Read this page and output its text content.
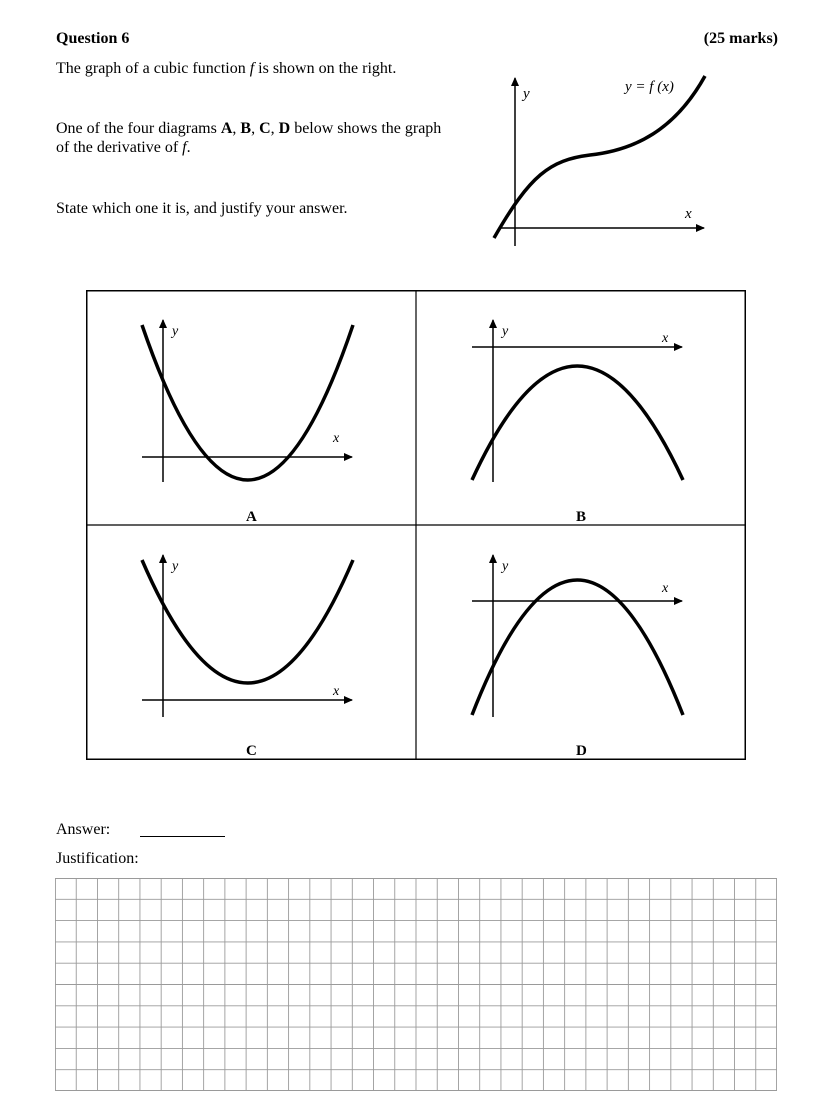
Question 6	(25 marks)
The graph of a cubic function f is shown on the right.
One of the four diagrams A, B, C, D below shows the graph of the derivative of f.
State which one it is, and justify your answer.
y
x
y = f (x)
y
x
A
y	x
B
y
x
C
y
x
D
Answer:
Justification:
